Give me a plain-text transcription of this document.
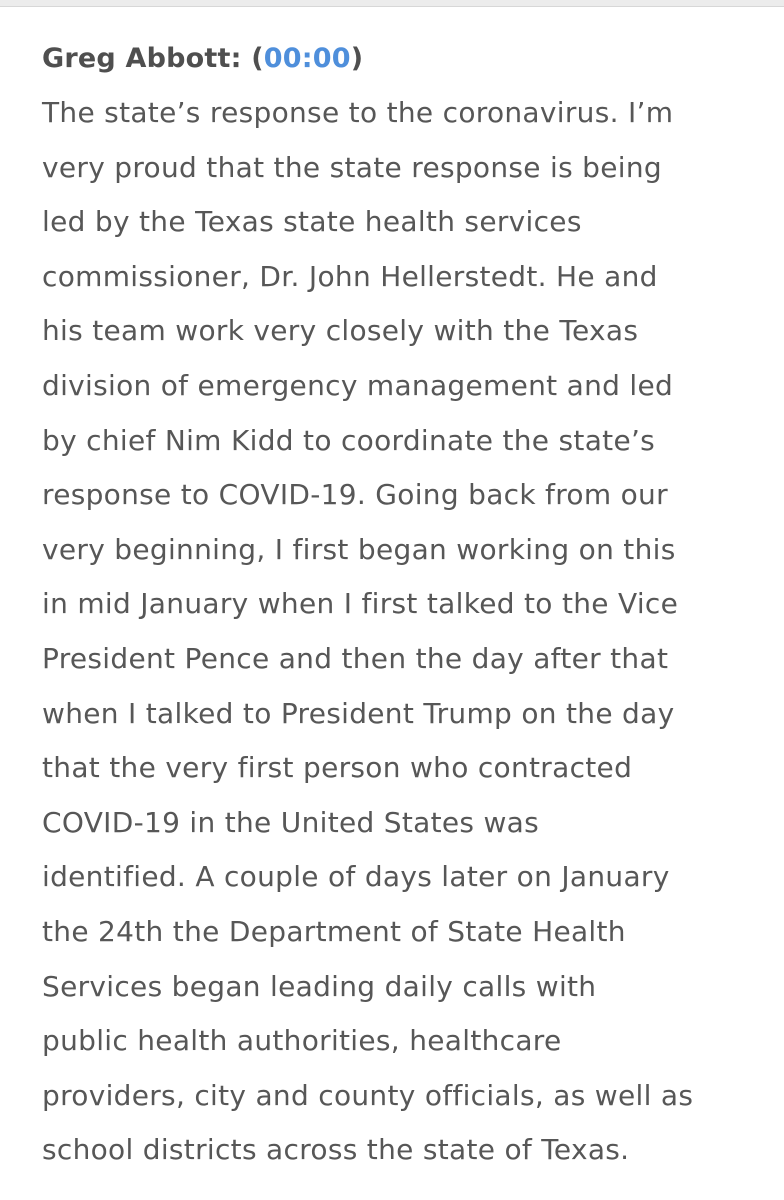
Greg Abbott: (00:00)
The state’s response to the coronavirus. I’m
very proud that the state response is being
led by the Texas state health services
commissioner, Dr. John Hellerstedt. He and
his team work very closely with the Texas
division of emergency management and led
by chief Nim Kidd to coordinate the state’s
response to COVID-19. Going back from our
very beginning, I first began working on this
in mid January when I first talked to the Vice
President Pence and then the day after that
when I talked to President Trump on the day
that the very first person who contracted
COVID-19 in the United States was
identified. A couple of days later on January
the 24th the Department of State Health
Services began leading daily calls with
public health authorities, healthcare
providers, city and county officials, as well as
school districts across the state of Texas.
